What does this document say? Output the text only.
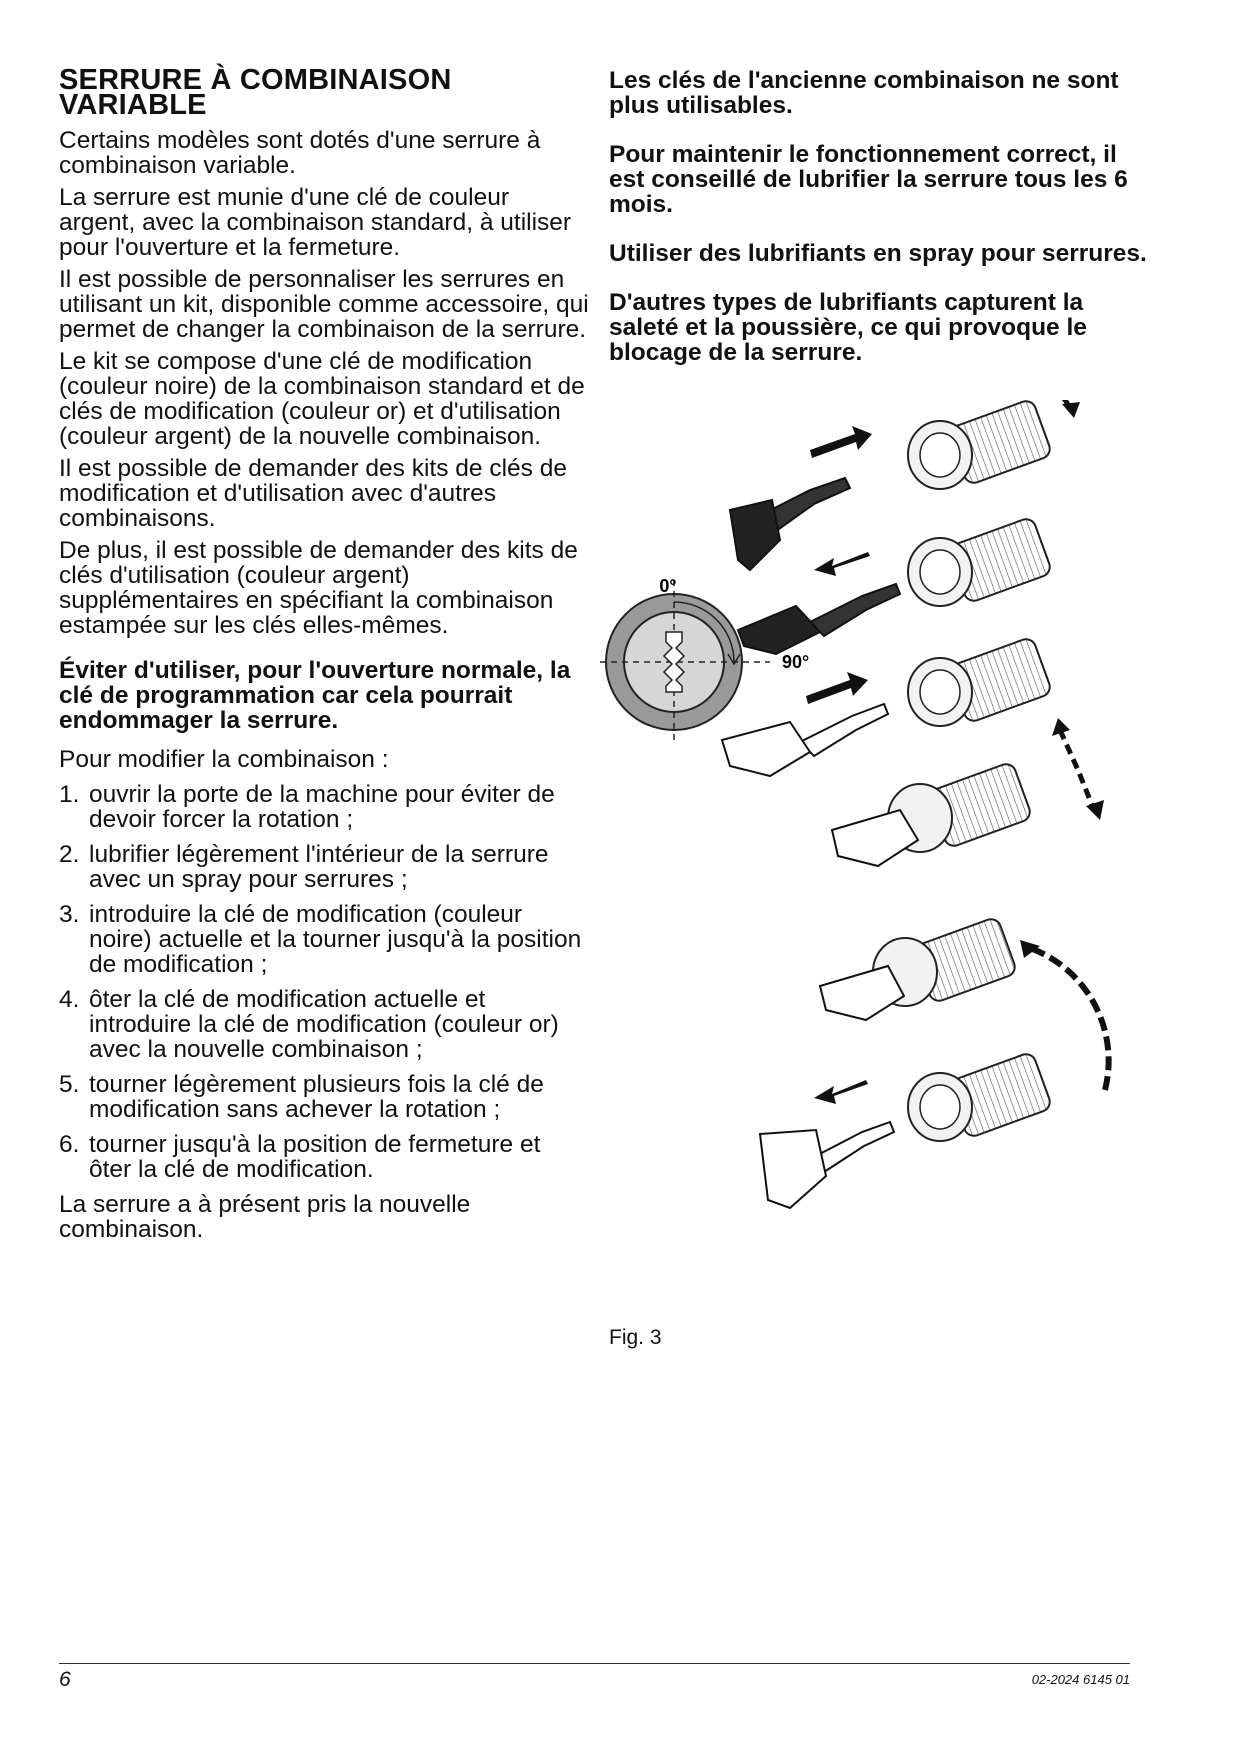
SERRURE À COMBINAISON VARIABLE

Certains modèles sont dotés d'une serrure à combinaison variable.

La serrure est munie d'une clé de couleur argent, avec la combinaison standard, à utiliser pour l'ouverture et la fermeture.

Il est possible de personnaliser les serrures en utilisant un kit, disponible comme accessoire, qui permet de changer la combinaison de la serrure.

Le kit se compose d'une clé de modification (couleur noire) de la combinaison standard et de clés de modification (couleur or) et d'utilisation (couleur argent) de la nouvelle combinaison.

Il est possible de demander des kits de clés de modification et d'utilisation avec d'autres combinaisons.

De plus, il est possible de demander des kits de clés d'utilisation (couleur argent) supplémentaires en spécifiant la combinaison estampée sur les clés elles-mêmes.

Éviter d'utiliser, pour l'ouverture normale, la clé de programmation car cela pourrait endommager la serrure.

Pour modifier la combinaison :

1. ouvrir la porte de la machine pour éviter de devoir forcer la rotation ;
2. lubrifier légèrement l'intérieur de la serrure avec un spray pour serrures ;
3. introduire la clé de modification (couleur noire) actuelle et la tourner jusqu'à la position de modification ;
4. ôter la clé de modification actuelle et introduire la clé de modification (couleur or) avec la nouvelle combinaison ;
5. tourner légèrement plusieurs fois la clé de modification sans achever la rotation ;
6. tourner jusqu'à la position de fermeture et ôter la clé de modification.

La serrure a à présent pris la nouvelle combinaison.

Les clés de l'ancienne combinaison ne sont plus utilisables.

Pour maintenir le fonctionnement correct, il est conseillé de lubrifier la serrure tous les 6 mois.

Utiliser des lubrifiants en spray pour serrures.

D'autres types de lubrifiants capturent la saleté et la poussière, ce qui provoque le blocage de la serrure.

0°
90°
Fig. 3
6	02-2024 6145 01
